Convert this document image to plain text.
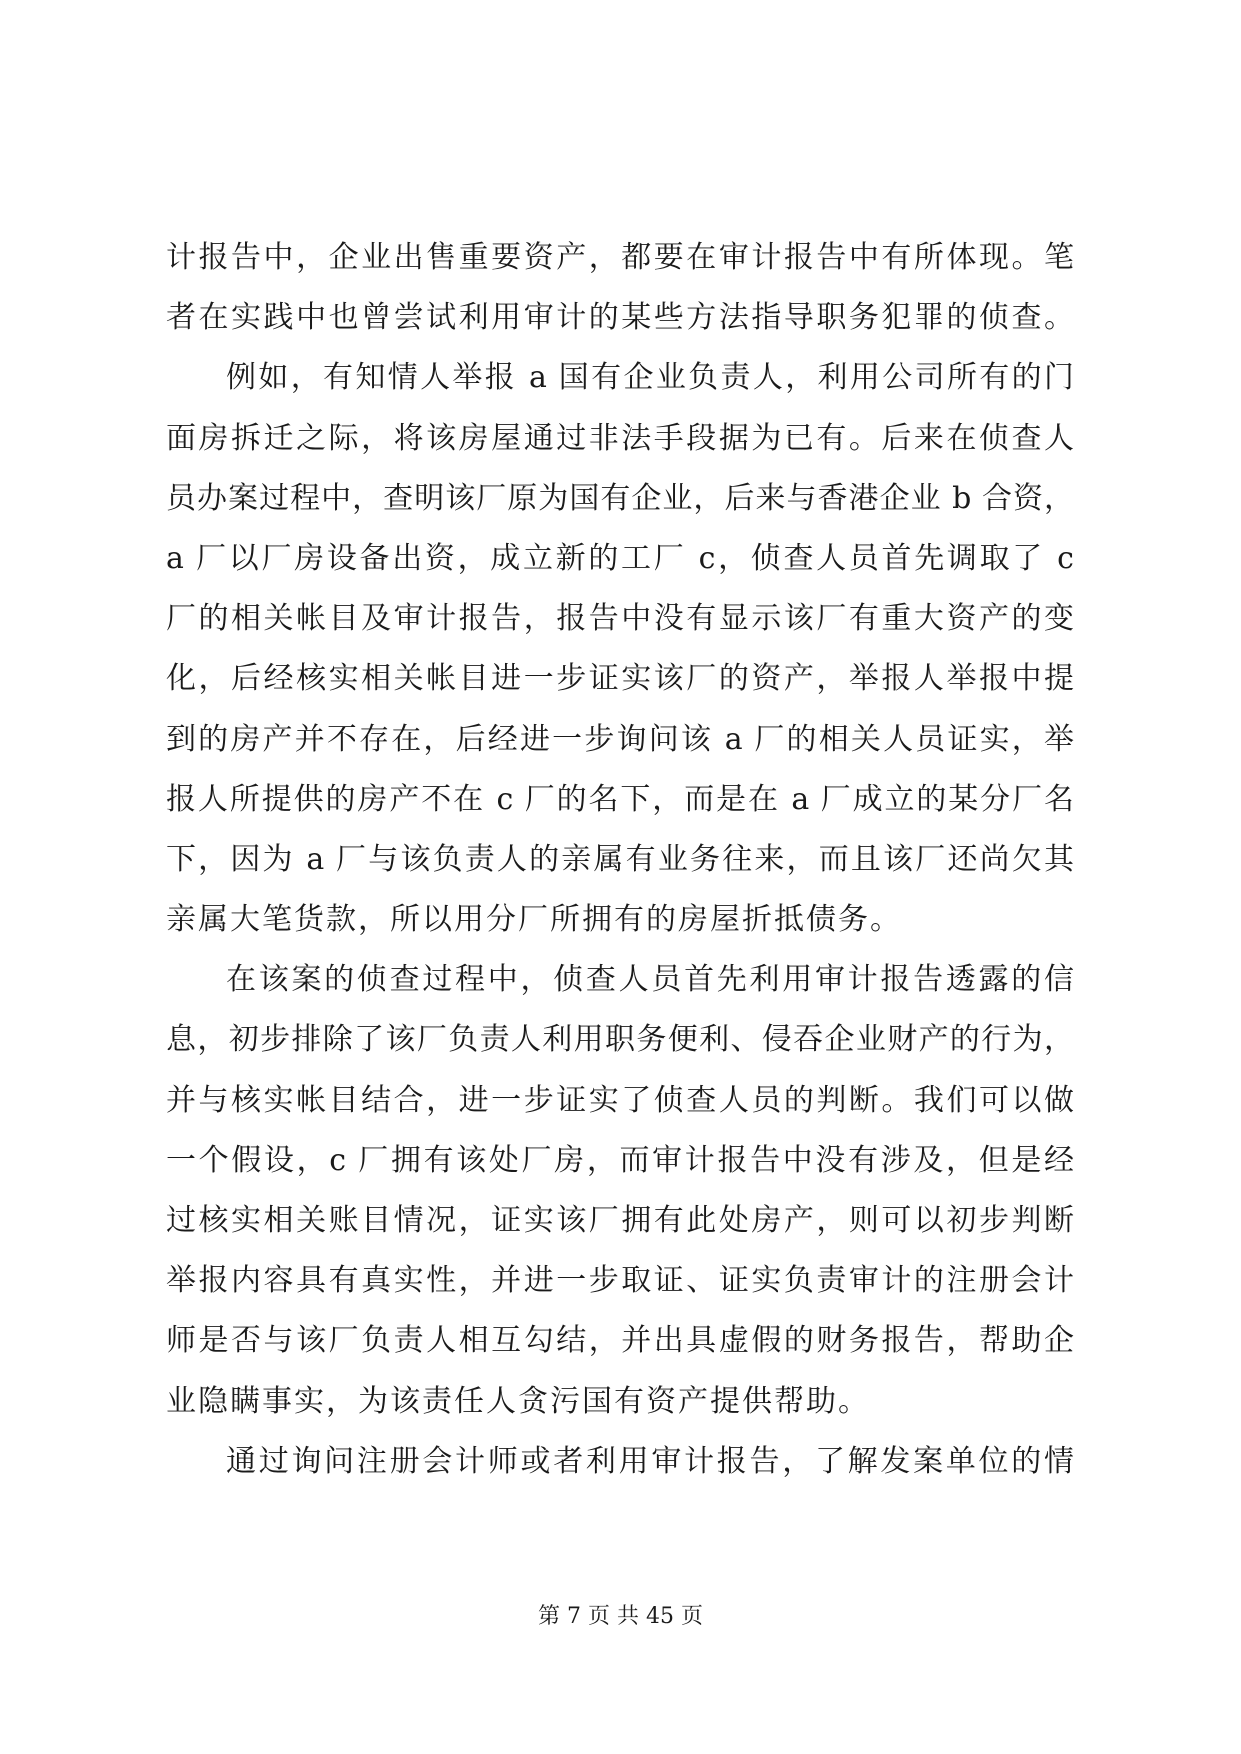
计报告中，企业出售重要资产，都要在审计报告中有所体现。笔
者在实践中也曾尝试利用审计的某些方法指导职务犯罪的侦查。
例如，有知情人举报 a 国有企业负责人，利用公司所有的门
面房拆迁之际，将该房屋通过非法手段据为已有。后来在侦查人
员办案过程中，查明该厂原为国有企业，后来与香港企业 b 合资，
a 厂以厂房设备出资，成立新的工厂 c，侦查人员首先调取了 c
厂的相关帐目及审计报告，报告中没有显示该厂有重大资产的变
化，后经核实相关帐目进一步证实该厂的资产，举报人举报中提
到的房产并不存在，后经进一步询问该 a 厂的相关人员证实，举
报人所提供的房产不在 c 厂的名下，而是在 a 厂成立的某分厂名
下，因为 a 厂与该负责人的亲属有业务往来，而且该厂还尚欠其
亲属大笔货款，所以用分厂所拥有的房屋折抵债务。
在该案的侦查过程中，侦查人员首先利用审计报告透露的信
息，初步排除了该厂负责人利用职务便利、侵吞企业财产的行为，
并与核实帐目结合，进一步证实了侦查人员的判断。我们可以做
一个假设，c 厂拥有该处厂房，而审计报告中没有涉及，但是经
过核实相关账目情况，证实该厂拥有此处房产，则可以初步判断
举报内容具有真实性，并进一步取证、证实负责审计的注册会计
师是否与该厂负责人相互勾结，并出具虚假的财务报告，帮助企
业隐瞒事实，为该责任人贪污国有资产提供帮助。
通过询问注册会计师或者利用审计报告，了解发案单位的情
第 7 页 共 45 页
